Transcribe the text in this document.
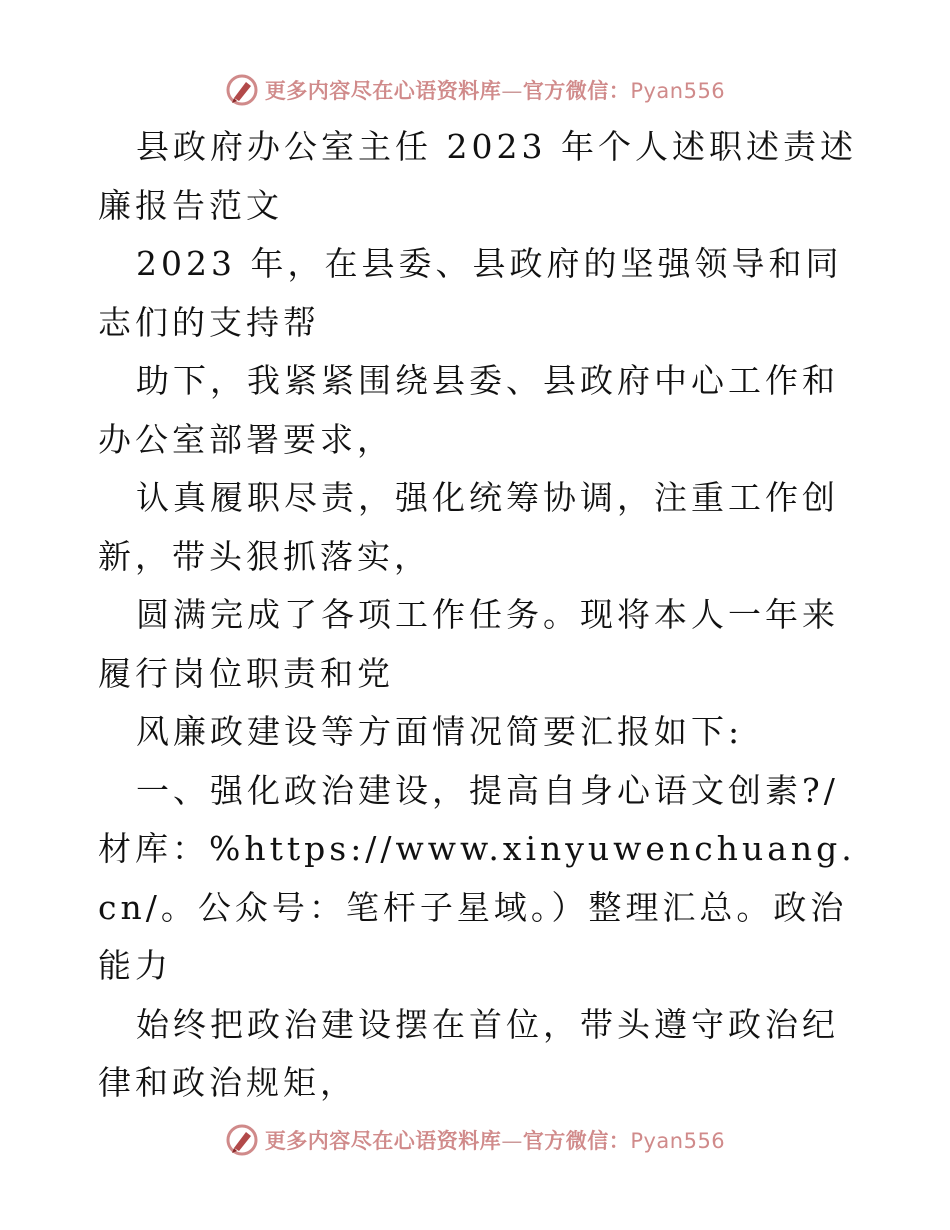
更多内容尽在心语资料库—官方微信：Pyan556

县政府办公室主任 2023 年个人述职述责述廉报告范文

2023 年，在县委、县政府的坚强领导和同志们的支持帮

助下，我紧紧围绕县委、县政府中心工作和办公室部署要求，

认真履职尽责，强化统筹协调，注重工作创新，带头狠抓落实，

圆满完成了各项工作任务。现将本人一年来履行岗位职责和党

风廉政建设等方面情况简要汇报如下:

一、强化政治建设，提高自身心语文创素?/材库：%https://www.xinyuwenchuang.cn/。公众号：笔杆子星域。）整理汇总。政治能力

始终把政治建设摆在首位，带头遵守政治纪律和政治规矩，

更多内容尽在心语资料库—官方微信：Pyan556
